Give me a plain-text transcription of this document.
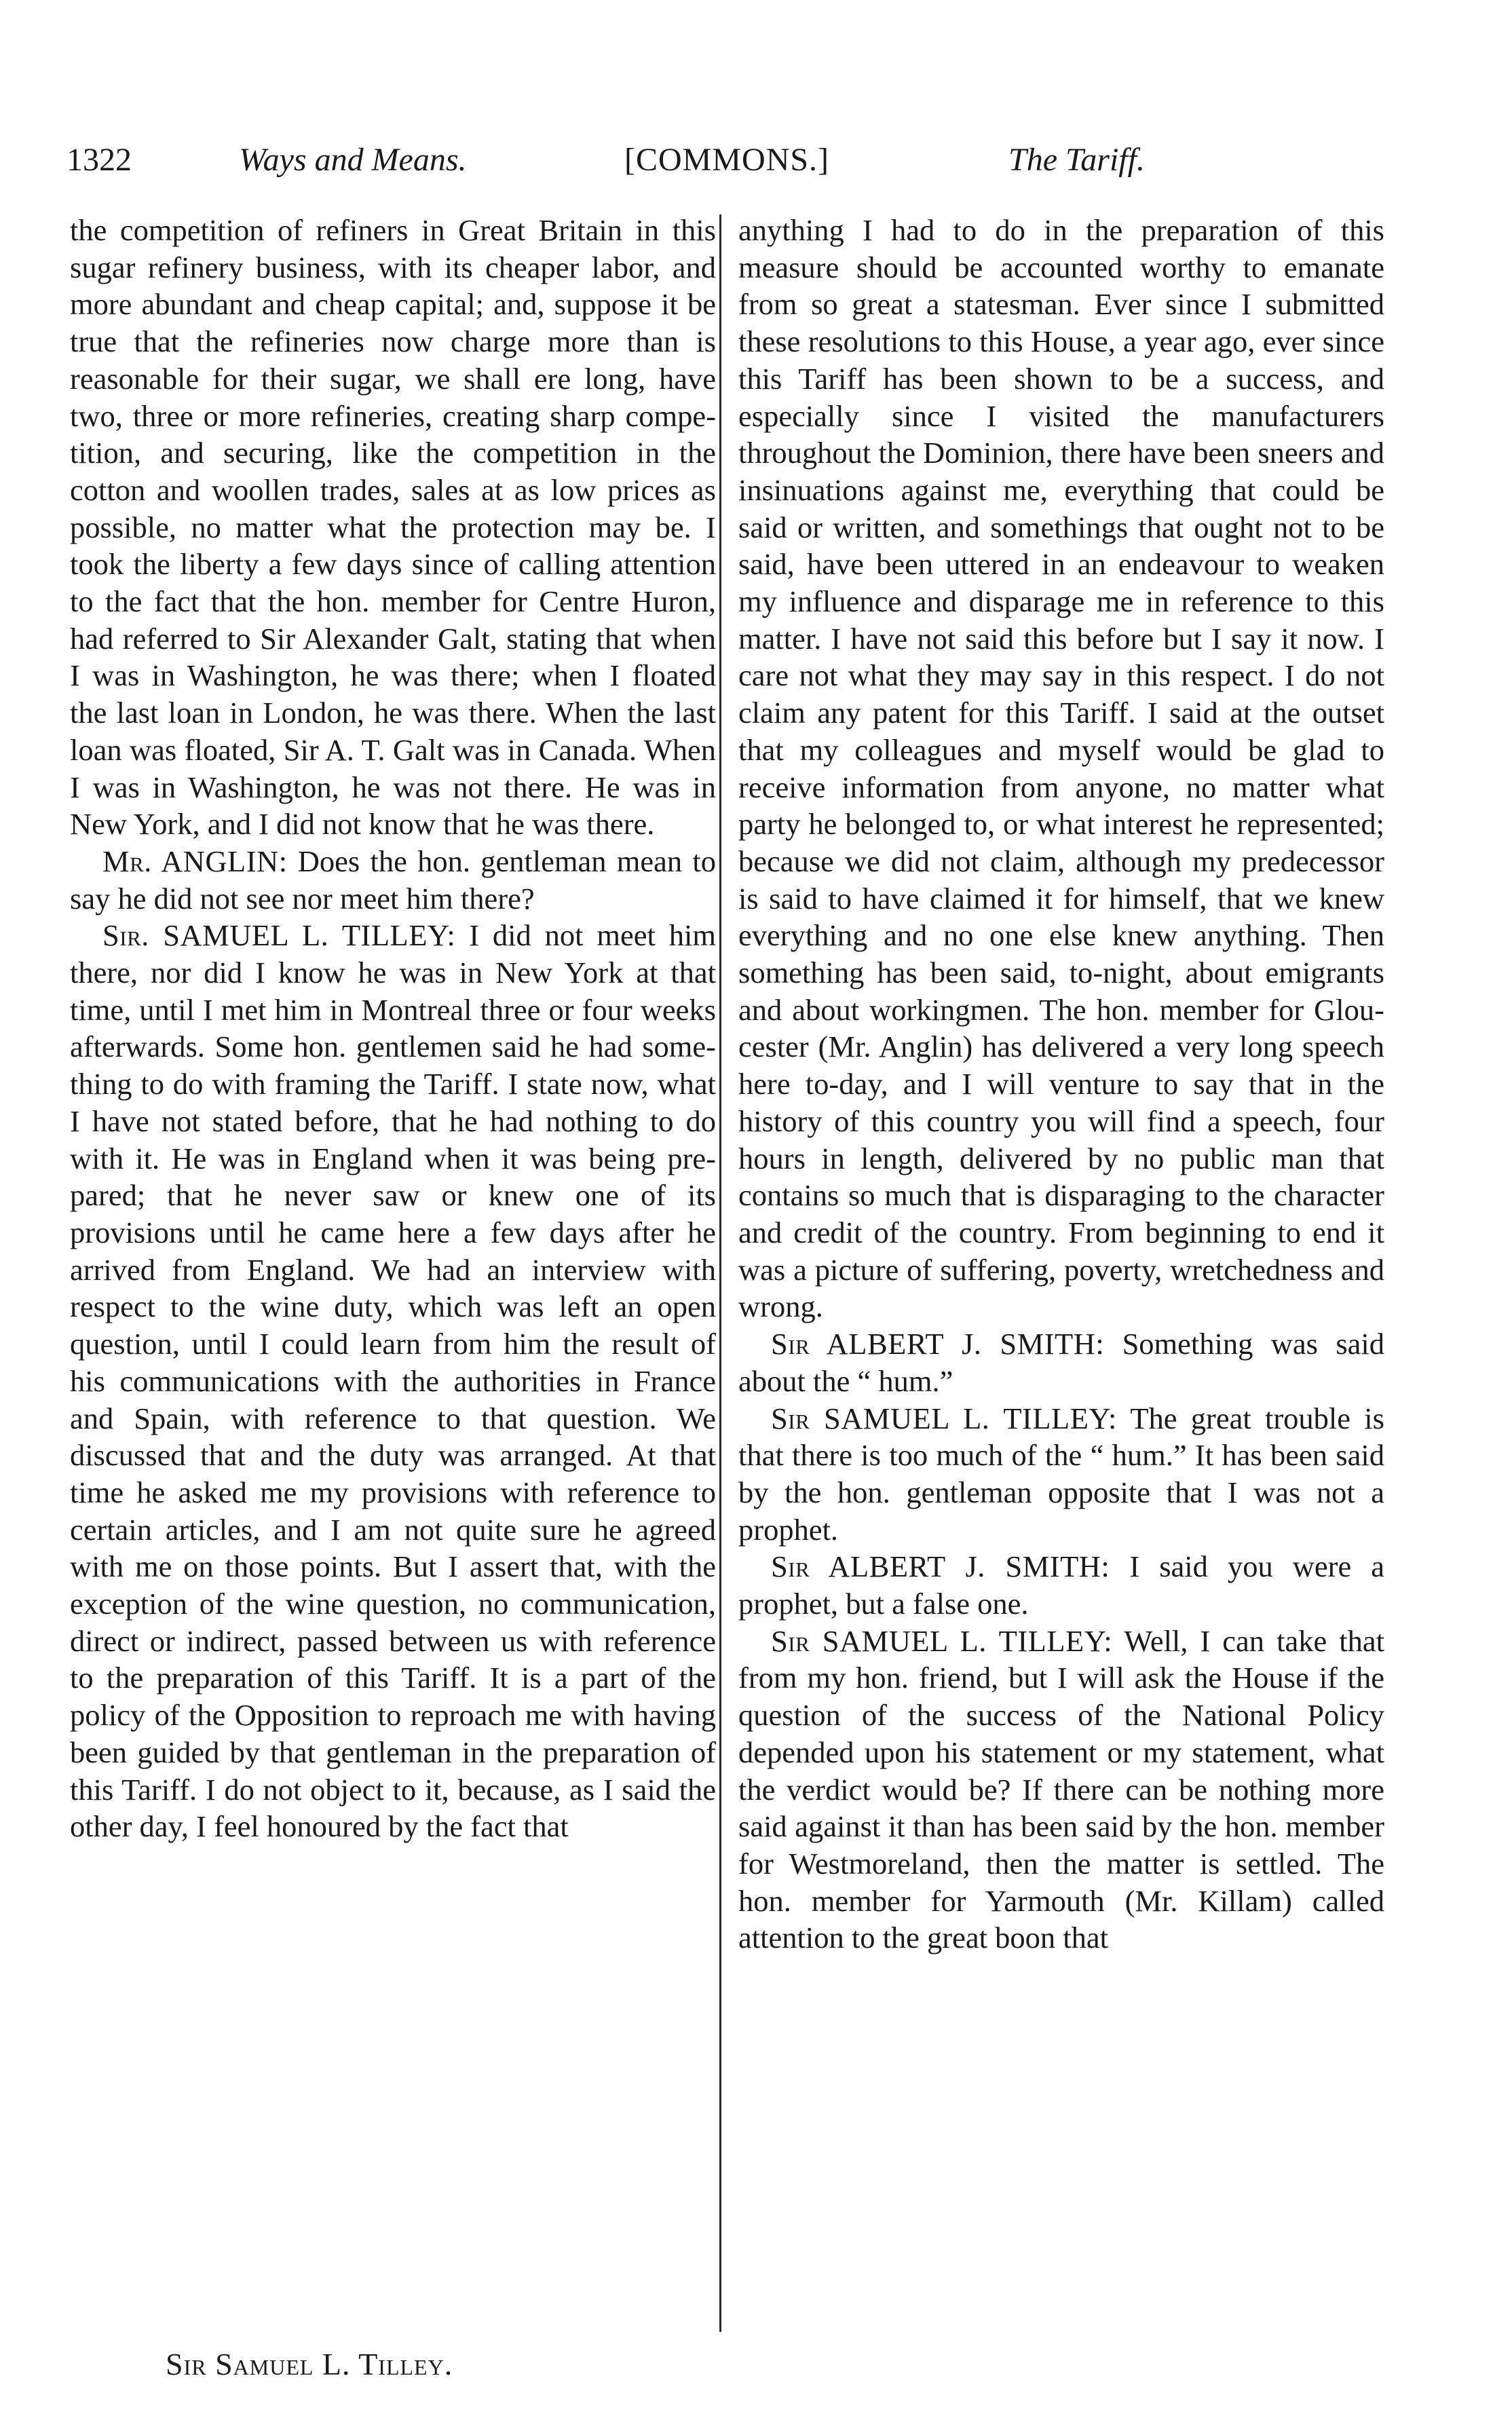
1322	Ways and Means.	[COMMONS.]	The Tariff.

the competition of refiners in Great Britain in this sugar refinery business, with its cheaper labor, and more abundant and cheap capital; and, suppose it be true that the refineries now charge more than is reasonable for their sugar, we shall ere long, have two, three or more refineries, creating sharp competition, and securing, like the competition in the cotton and woollen trades, sales at as low prices as possible, no matter what the protection may be. I took the liberty a few days since of calling attention to the fact that the hon. member for Centre Huron, had referred to Sir Alexander Galt, stating that when I was in Washington, he was there; when I floated the last loan in London, he was there. When the last loan was floated, Sir A. T. Galt was in Canada. When I was in Washington, he was not there. He was in New York, and I did not know that he was there.

Mr. ANGLIN: Does the hon. gentleman mean to say he did not see nor meet him there?

Sir. SAMUEL L. TILLEY: I did not meet him there, nor did I know he was in New York at that time, until I met him in Montreal three or four weeks afterwards. Some hon. gentlemen said he had something to do with framing the Tariff. I state now, what I have not stated before, that he had nothing to do with it. He was in England when it was being prepared; that he never saw or knew one of its provisions until he came here a few days after he arrived from England. We had an interview with respect to the wine duty, which was left an open question, until I could learn from him the result of his communications with the authorities in France and Spain, with reference to that question. We discussed that and the duty was arranged. At that time he asked me my provisions with reference to certain articles, and I am not quite sure he agreed with me on those points. But I assert that, with the exception of the wine question, no communication, direct or indirect, passed between us with reference to the preparation of this Tariff. It is a part of the policy of the Opposition to reproach me with having been guided by that gentleman in the preparation of this Tariff. I do not object to it, because, as I said the other day, I feel honoured by the fact that

anything I had to do in the preparation of this measure should be accounted worthy to emanate from so great a statesman. Ever since I submitted these resolutions to this House, a year ago, ever since this Tariff has been shown to be a success, and especially since I visited the manufacturers throughout the Dominion, there have been sneers and insinuations against me, everything that could be said or written, and somethings that ought not to be said, have been uttered in an endeavour to weaken my influence and disparage me in reference to this matter. I have not said this before but I say it now. I care not what they may say in this respect. I do not claim any patent for this Tariff. I said at the outset that my colleagues and myself would be glad to receive information from anyone, no matter what party he belonged to, or what interest he represented; because we did not claim, although my predecessor is said to have claimed it for himself, that we knew everything and no one else knew anything. Then something has been said, to-night, about emigrants and about workingmen. The hon. member for Gloucester (Mr. Anglin) has delivered a very long speech here to-day, and I will venture to say that in the history of this country you will find a speech, four hours in length, delivered by no public man that contains so much that is disparaging to the character and credit of the country. From beginning to end it was a picture of suffering, poverty, wretchedness and wrong.

Sir ALBERT J. SMITH: Something was said about the “ hum.”

Sir SAMUEL L. TILLEY: The great trouble is that there is too much of the “ hum.” It has been said by the hon. gentleman opposite that I was not a prophet.

Sir ALBERT J. SMITH: I said you were a prophet, but a false one.

Sir SAMUEL L. TILLEY: Well, I can take that from my hon. friend, but I will ask the House if the question of the success of the National Policy depended upon his statement or my statement, what the verdict would be? If there can be nothing more said against it than has been said by the hon. member for Westmoreland, then the matter is settled. The hon. member for Yarmouth (Mr. Killam) called attention to the great boon that

Sir Samuel L. Tilley.
